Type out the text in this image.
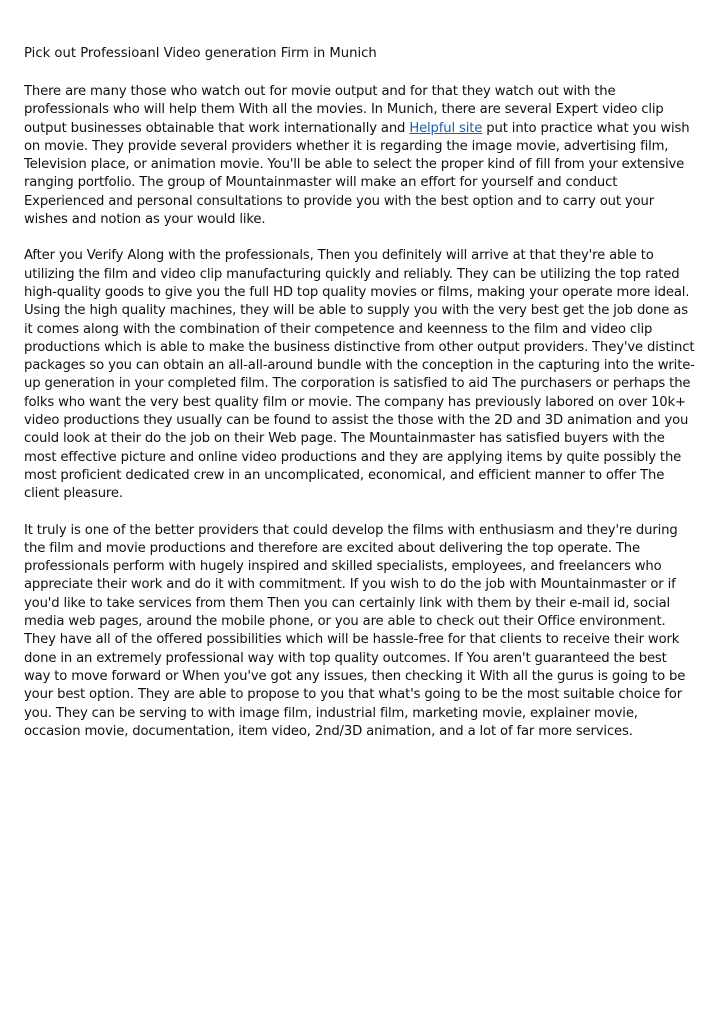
Pick out Professioanl Video generation Firm in Munich

There are many those who watch out for movie output and for that they watch out with the professionals who will help them With all the movies. In Munich, there are several Expert video clip output businesses obtainable that work internationally and Helpful site put into practice what you wish on movie. They provide several providers whether it is regarding the image movie, advertising film, Television place, or animation movie. You'll be able to select the proper kind of fill from your extensive ranging portfolio. The group of Mountainmaster will make an effort for yourself and conduct Experienced and personal consultations to provide you with the best option and to carry out your wishes and notion as your would like.

After you Verify Along with the professionals, Then you definitely will arrive at that they're able to utilizing the film and video clip manufacturing quickly and reliably. They can be utilizing the top rated high-quality goods to give you the full HD top quality movies or films, making your operate more ideal. Using the high quality machines, they will be able to supply you with the very best get the job done as it comes along with the combination of their competence and keenness to the film and video clip productions which is able to make the business distinctive from other output providers. They've distinct packages so you can obtain an all-all-around bundle with the conception in the capturing into the write-up generation in your completed film. The corporation is satisfied to aid The purchasers or perhaps the folks who want the very best quality film or movie. The company has previously labored on over 10k+ video productions they usually can be found to assist the those with the 2D and 3D animation and you could look at their do the job on their Web page. The Mountainmaster has satisfied buyers with the most effective picture and online video productions and they are applying items by quite possibly the most proficient dedicated crew in an uncomplicated, economical, and efficient manner to offer The client pleasure.

It truly is one of the better providers that could develop the films with enthusiasm and they're during the film and movie productions and therefore are excited about delivering the top operate. The professionals perform with hugely inspired and skilled specialists, employees, and freelancers who appreciate their work and do it with commitment. If you wish to do the job with Mountainmaster or if you'd like to take services from them Then you can certainly link with them by their e-mail id, social media web pages, around the mobile phone, or you are able to check out their Office environment. They have all of the offered possibilities which will be hassle-free for that clients to receive their work done in an extremely professional way with top quality outcomes. If You aren't guaranteed the best way to move forward or When you've got any issues, then checking it With all the gurus is going to be your best option. They are able to propose to you that what's going to be the most suitable choice for you. They can be serving to with image film, industrial film, marketing movie, explainer movie, occasion movie, documentation, item video, 2nd/3D animation, and a lot of far more services.
